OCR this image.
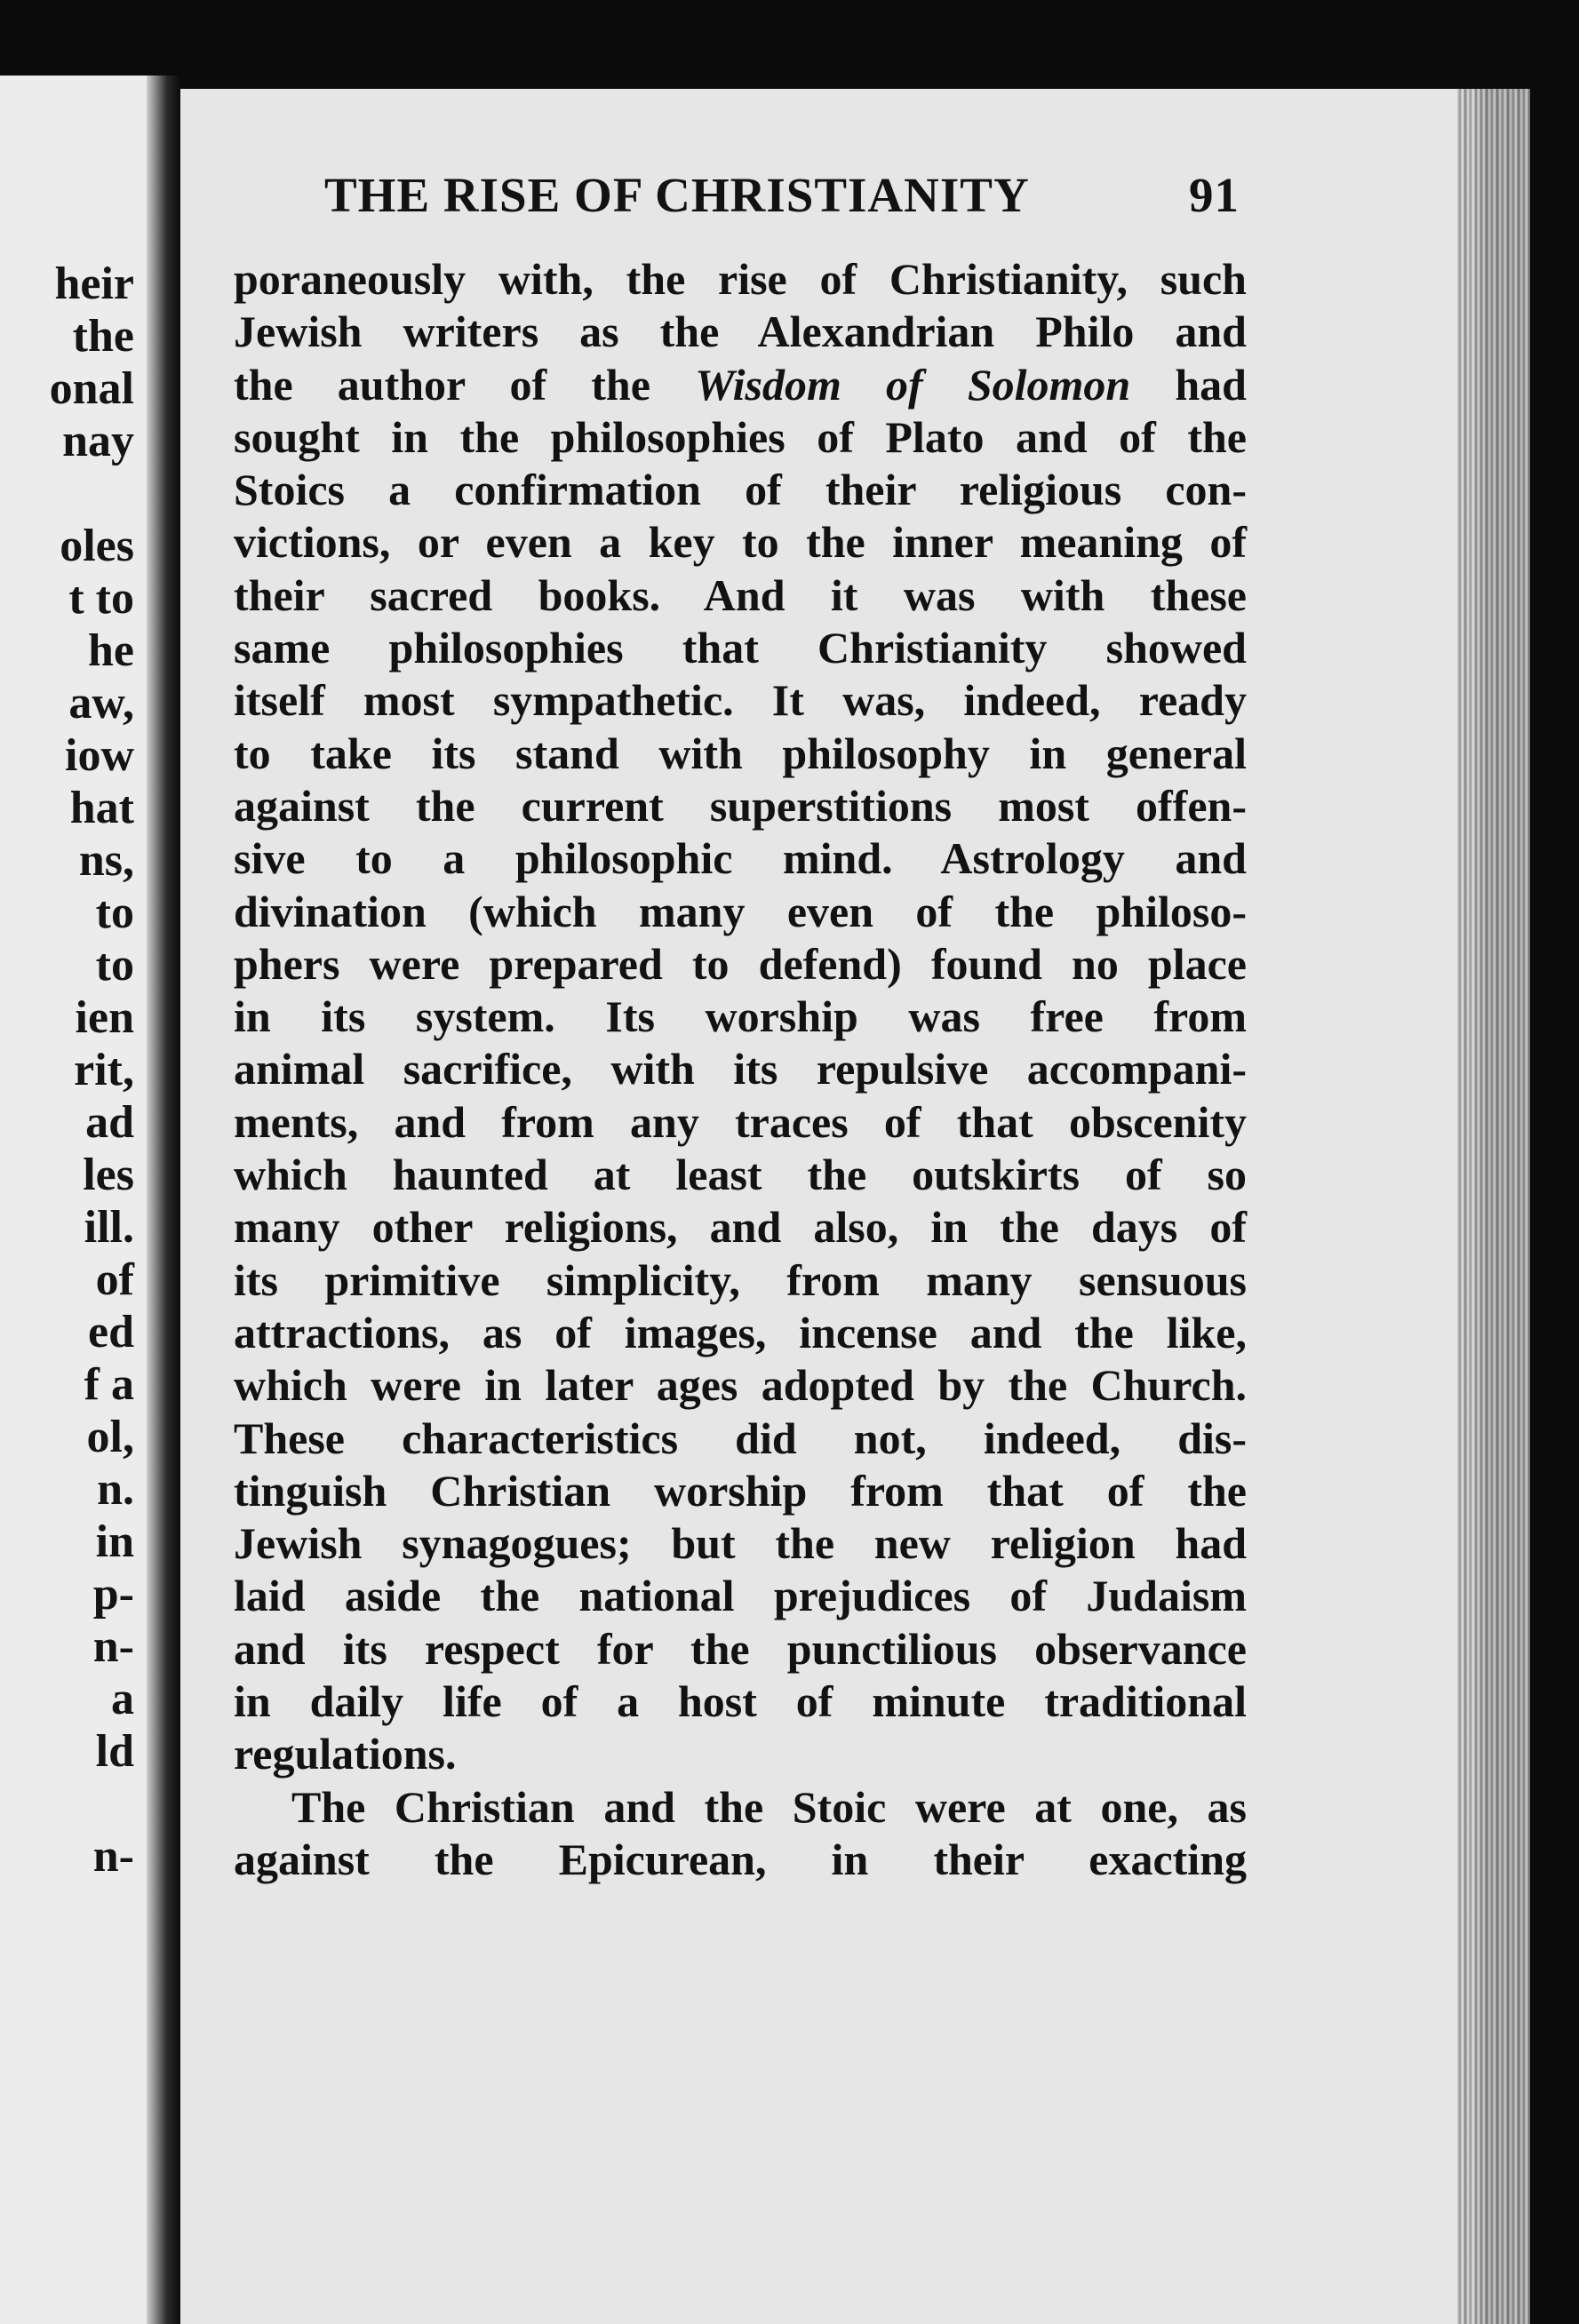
heir
the
onal
nay
oles
t to
he
aw,
iow
hat
ns,
to
to
ien
rit,
ad
les
ill.
of
ed
f a
ol,
n.
in
p-
n-
a
ld
n-
THE RISE OF CHRISTIANITY	91
poraneously with, the rise of Christianity, such
Jewish writers as the Alexandrian Philo and
the author of the Wisdom of Solomon had
sought in the philosophies of Plato and of the
Stoics a confirmation of their religious con-
victions, or even a key to the inner meaning of
their sacred books. And it was with these
same philosophies that Christianity showed
itself most sympathetic. It was, indeed, ready
to take its stand with philosophy in general
against the current superstitions most offen-
sive to a philosophic mind. Astrology and
divination (which many even of the philoso-
phers were prepared to defend) found no place
in its system. Its worship was free from
animal sacrifice, with its repulsive accompani-
ments, and from any traces of that obscenity
which haunted at least the outskirts of so
many other religions, and also, in the days of
its primitive simplicity, from many sensuous
attractions, as of images, incense and the like,
which were in later ages adopted by the Church.
These characteristics did not, indeed, dis-
tinguish Christian worship from that of the
Jewish synagogues; but the new religion had
laid aside the national prejudices of Judaism
and its respect for the punctilious observance
in daily life of a host of minute traditional
regulations.
The Christian and the Stoic were at one, as
against the Epicurean, in their exacting
